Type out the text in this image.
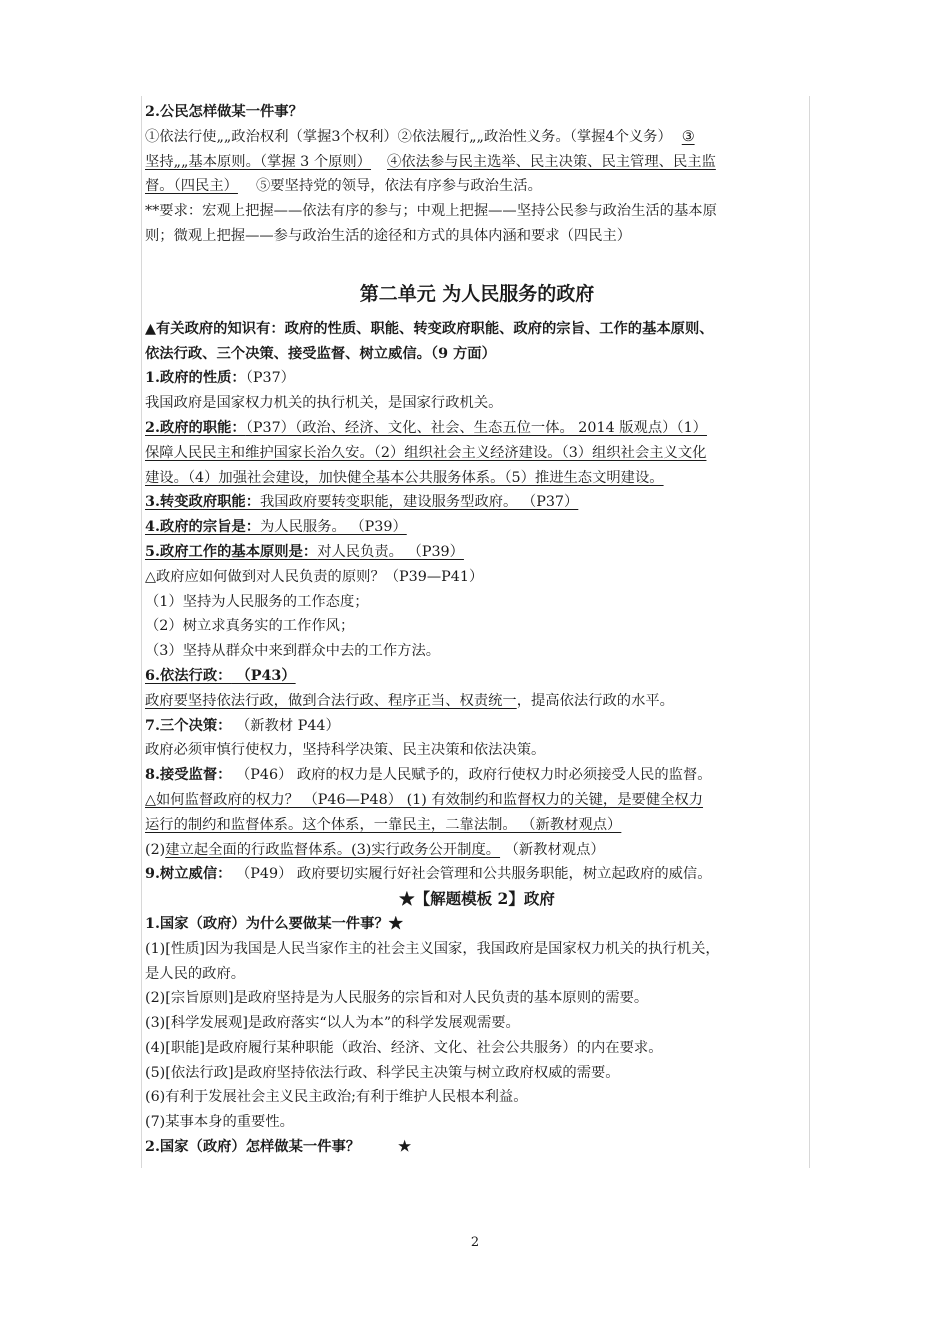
2.公民怎样做某一件事？
①依法行使„„政治权利（掌握3个权利）②依法履行„„政治性义务。（掌握4个义务） ③
坚持„„基本原则。（掌握 3 个原则） ④依法参与民主选举、民主决策、民主管理、民主监
督。（四民主） ⑤要坚持党的领导，依法有序参与政治生活。
**要求：宏观上把握——依法有序的参与；中观上把握——坚持公民参与政治生活的基本原
则；微观上把握——参与政治生活的途径和方式的具体内涵和要求（四民主）
第二单元 为人民服务的政府
▲有关政府的知识有：政府的性质、职能、转变政府职能、政府的宗旨、工作的基本原则、
依法行政、三个决策、接受监督、树立威信。（9 方面）
1.政府的性质：（P37）
我国政府是国家权力机关的执行机关，是国家行政机关。
2.政府的职能：（P37）（政治、经济、文化、社会、生态五位一体。 2014 版观点）（1）
保障人民民主和维护国家长治久安。（2）组织社会主义经济建设。（3）组织社会主义文化
建设。（4）加强社会建设，加快健全基本公共服务体系。（5）推进生态文明建设。
3.转变政府职能：我国政府要转变职能，建设服务型政府。 （P37）
4.政府的宗旨是：为人民服务。 （P39）
5.政府工作的基本原则是：对人民负责。 （P39）
△政府应如何做到对人民负责的原则？（P39—P41）
（1）坚持为人民服务的工作态度；
（2）树立求真务实的工作作风；
（3）坚持从群众中来到群众中去的工作方法。
6.依法行政： （P43）
政府要坚持依法行政，做到合法行政、程序正当、权责统一，提高依法行政的水平。
7.三个决策： （新教材 P44）
政府必须审慎行使权力，坚持科学决策、民主决策和依法决策。
8.接受监督： （P46） 政府的权力是人民赋予的，政府行使权力时必须接受人民的监督。
△如何监督政府的权力？ （P46—P48） (1) 有效制约和监督权力的关键，是要健全权力
运行的制约和监督体系。这个体系，一靠民主，二靠法制。 （新教材观点）
(2)建立起全面的行政监督体系。(3)实行政务公开制度。 （新教材观点）
9.树立威信： （P49） 政府要切实履行好社会管理和公共服务职能，树立起政府的威信。
★【解题模板 2】政府
1.国家（政府）为什么要做某一件事？★
(1)[性质]因为我国是人民当家作主的社会主义国家，我国政府是国家权力机关的执行机关，
是人民的政府。
(2)[宗旨原则]是政府坚持是为人民服务的宗旨和对人民负责的基本原则的需要。
(3)[科学发展观]是政府落实“以人为本”的科学发展观需要。
(4)[职能]是政府履行某种职能（政治、经济、文化、社会公共服务）的内在要求。
(5)[依法行政]是政府坚持依法行政、科学民主决策与树立政府权威的需要。
(6)有利于发展社会主义民主政治;有利于维护人民根本利益。
(7)某事本身的重要性。
2.国家（政府）怎样做某一件事？	★
2
